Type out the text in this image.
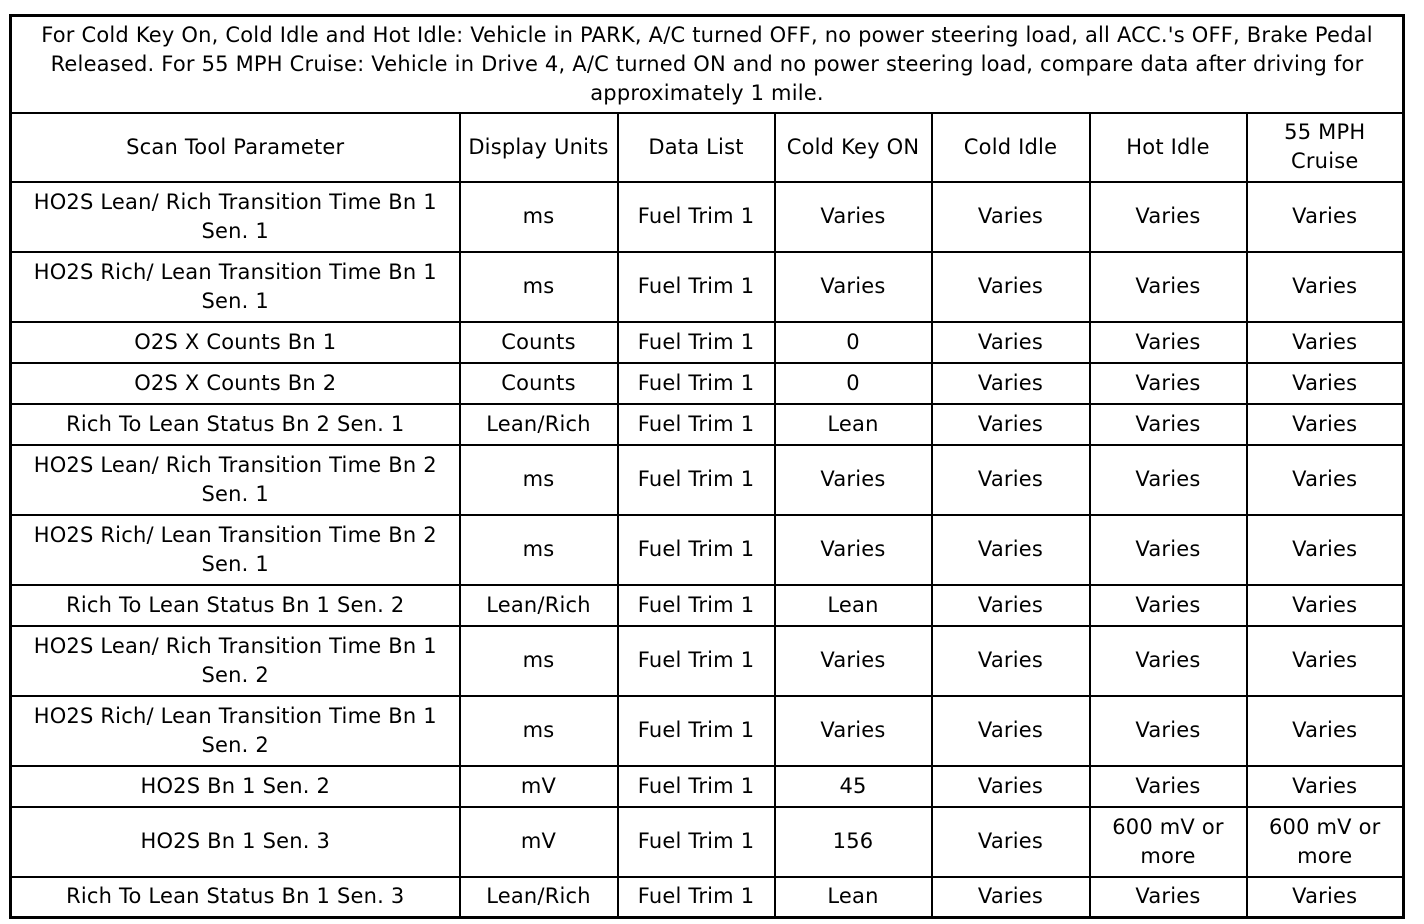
For Cold Key On, Cold Idle and Hot Idle: Vehicle in PARK, A/C turned OFF, no power steering load, all ACC.'s OFF, Brake Pedal Released. For 55 MPH Cruise: Vehicle in Drive 4, A/C turned ON and no power steering load, compare data after driving for approximately 1 mile.						
Scan Tool Parameter	Display Units	Data List	Cold Key ON	Cold Idle	Hot Idle	55 MPH Cruise
HO2S Lean/ Rich Transition Time Bn 1 Sen. 1	ms	Fuel Trim 1	Varies	Varies	Varies	Varies
HO2S Rich/ Lean Transition Time Bn 1 Sen. 1	ms	Fuel Trim 1	Varies	Varies	Varies	Varies
O2S X Counts Bn 1	Counts	Fuel Trim 1	0	Varies	Varies	Varies
O2S X Counts Bn 2	Counts	Fuel Trim 1	0	Varies	Varies	Varies
Rich To Lean Status Bn 2 Sen. 1	Lean/Rich	Fuel Trim 1	Lean	Varies	Varies	Varies
HO2S Lean/ Rich Transition Time Bn 2 Sen. 1	ms	Fuel Trim 1	Varies	Varies	Varies	Varies
HO2S Rich/ Lean Transition Time Bn 2 Sen. 1	ms	Fuel Trim 1	Varies	Varies	Varies	Varies
Rich To Lean Status Bn 1 Sen. 2	Lean/Rich	Fuel Trim 1	Lean	Varies	Varies	Varies
HO2S Lean/ Rich Transition Time Bn 1 Sen. 2	ms	Fuel Trim 1	Varies	Varies	Varies	Varies
HO2S Rich/ Lean Transition Time Bn 1 Sen. 2	ms	Fuel Trim 1	Varies	Varies	Varies	Varies
HO2S Bn 1 Sen. 2	mV	Fuel Trim 1	45	Varies	Varies	Varies
HO2S Bn 1 Sen. 3	mV	Fuel Trim 1	156	Varies	600 mV or more	600 mV or more
Rich To Lean Status Bn 1 Sen. 3	Lean/Rich	Fuel Trim 1	Lean	Varies	Varies	Varies
